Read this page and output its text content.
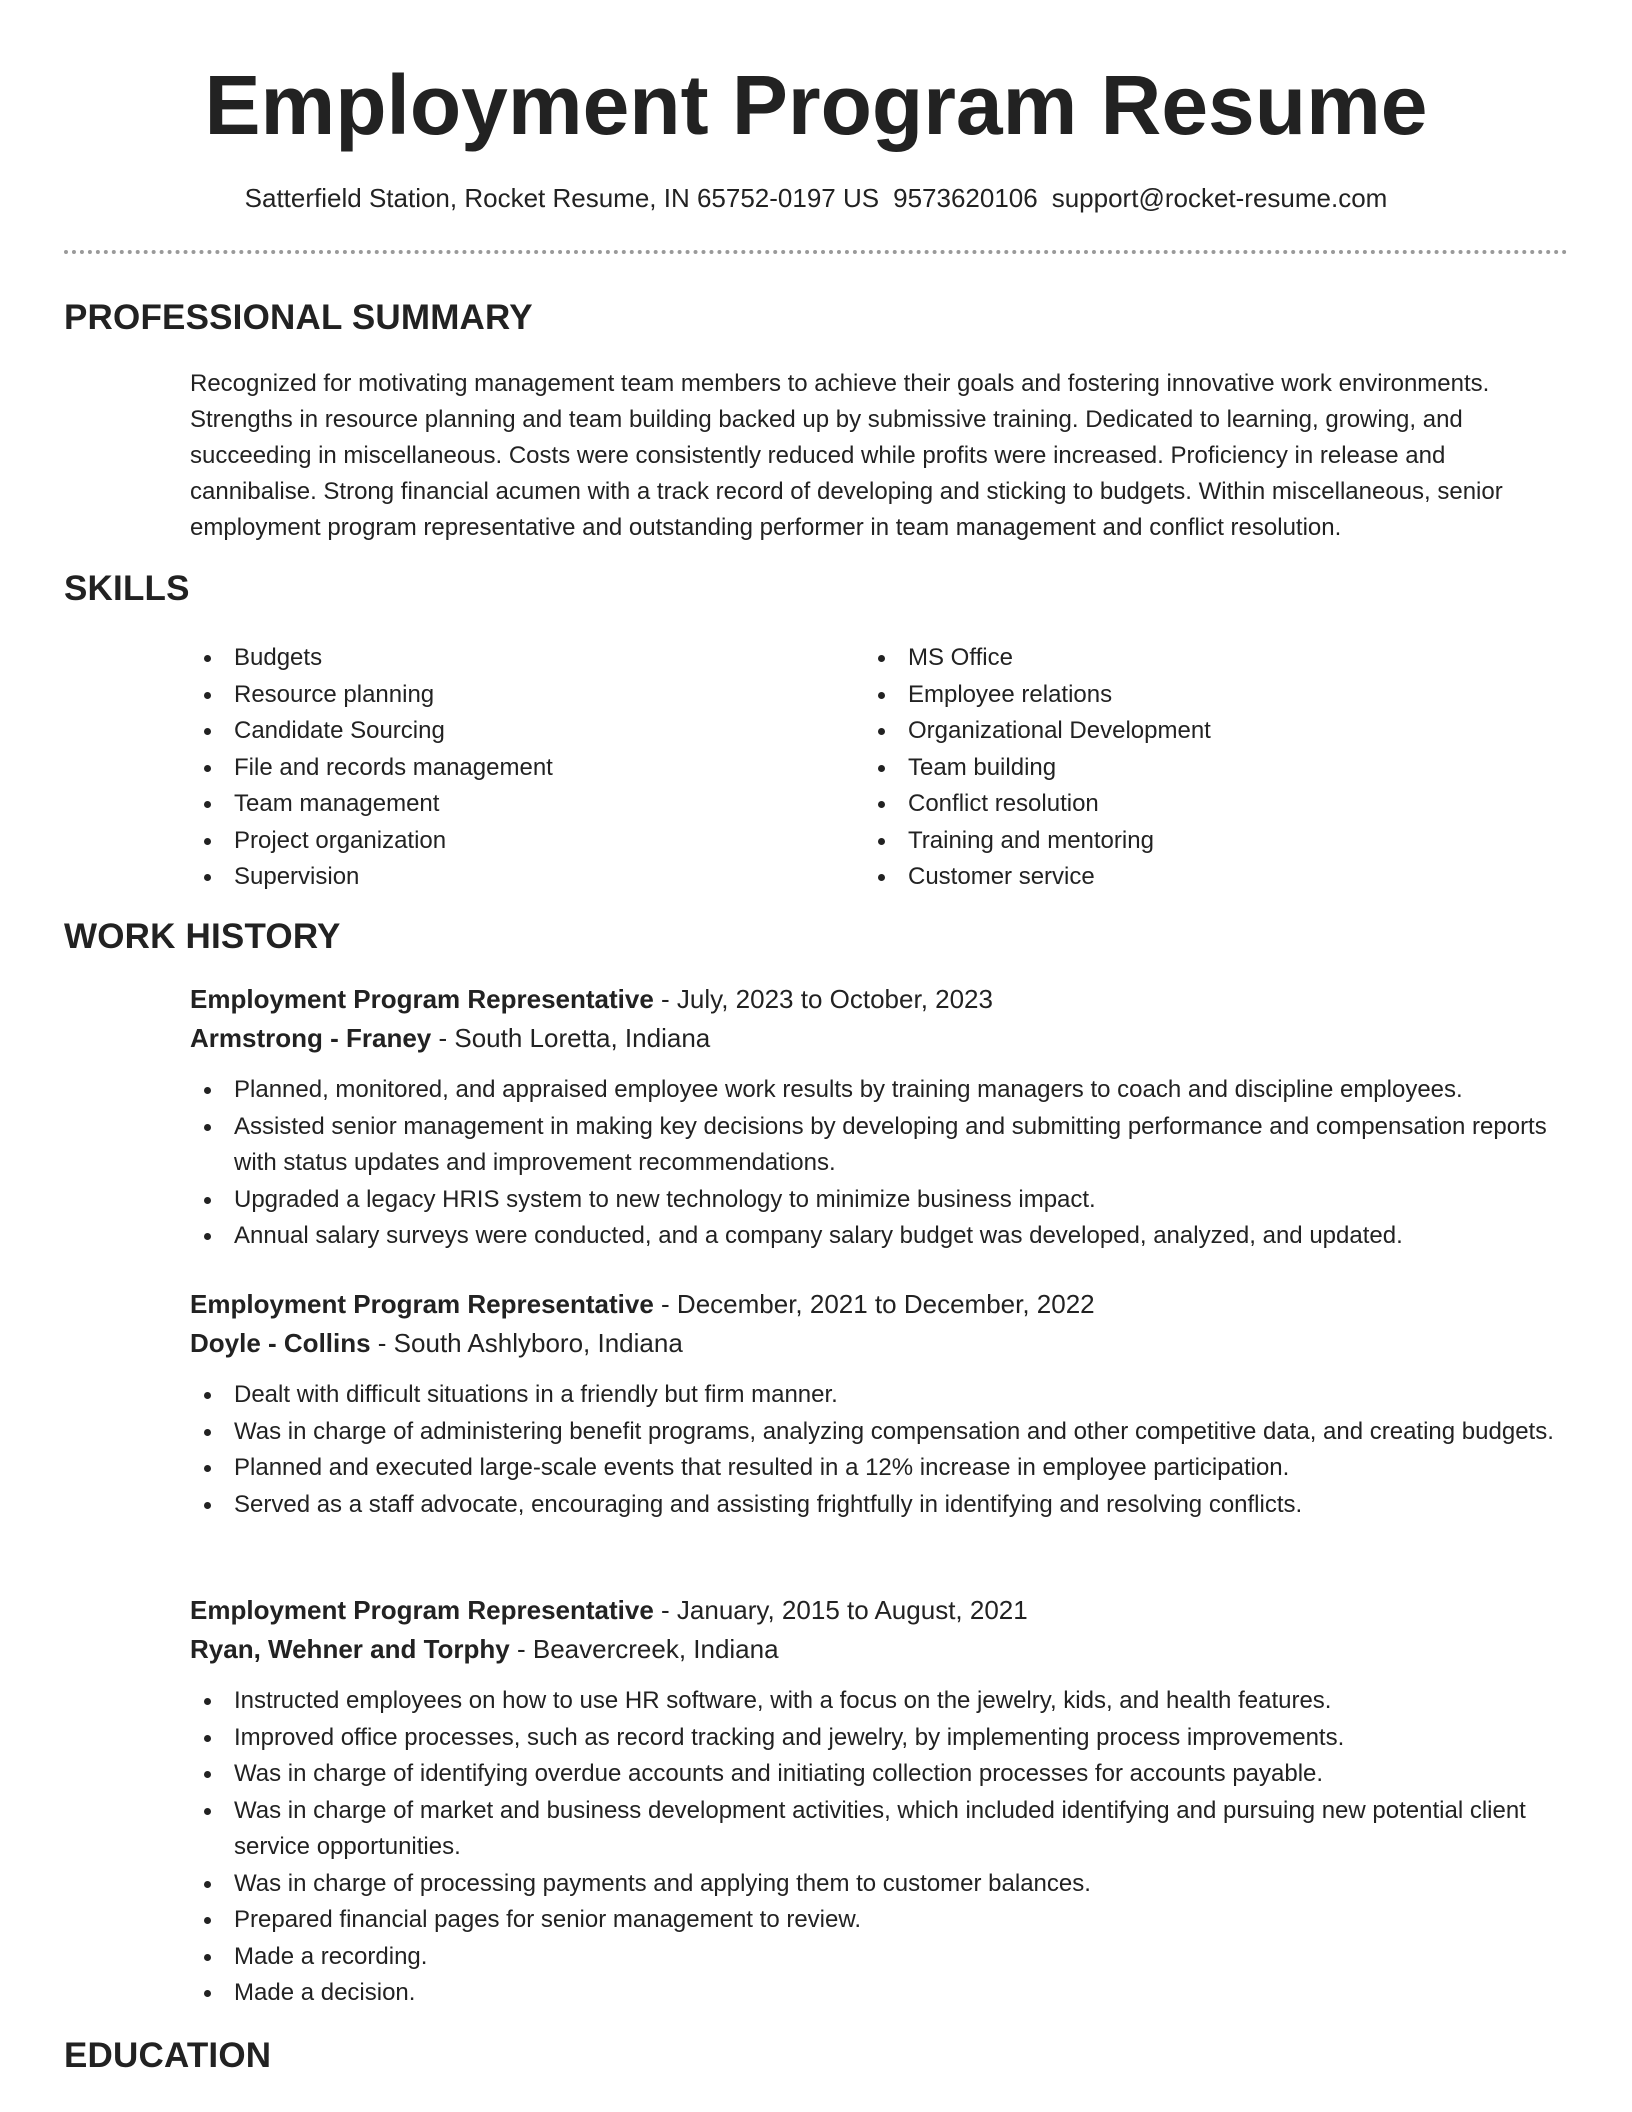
Employment Program Resume
Satterfield Station, Rocket Resume, IN 65752-0197 US 9573620106 support@rocket-resume.com
PROFESSIONAL SUMMARY

Recognized for motivating management team members to achieve their goals and fostering innovative work environments. Strengths in resource planning and team building backed up by submissive training. Dedicated to learning, growing, and succeeding in miscellaneous. Costs were consistently reduced while profits were increased. Proficiency in release and cannibalise. Strong financial acumen with a track record of developing and sticking to budgets. Within miscellaneous, senior employment program representative and outstanding performer in team management and conflict resolution.

SKILLS
Budgets
Resource planning
Candidate Sourcing
File and records management
Team management
Project organization
Supervision
MS Office
Employee relations
Organizational Development
Team building
Conflict resolution
Training and mentoring
Customer service
WORK HISTORY
Employment Program Representative - July, 2023 to October, 2023
Armstrong - Franey - South Loretta, Indiana
Planned, monitored, and appraised employee work results by training managers to coach and discipline employees.
Assisted senior management in making key decisions by developing and submitting performance and compensation reports with status updates and improvement recommendations.
Upgraded a legacy HRIS system to new technology to minimize business impact.
Annual salary surveys were conducted, and a company salary budget was developed, analyzed, and updated.
Employment Program Representative - December, 2021 to December, 2022
Doyle - Collins - South Ashlyboro, Indiana
Dealt with difficult situations in a friendly but firm manner.
Was in charge of administering benefit programs, analyzing compensation and other competitive data, and creating budgets.
Planned and executed large-scale events that resulted in a 12% increase in employee participation.
Served as a staff advocate, encouraging and assisting frightfully in identifying and resolving conflicts.
Employment Program Representative - January, 2015 to August, 2021
Ryan, Wehner and Torphy - Beavercreek, Indiana
Instructed employees on how to use HR software, with a focus on the jewelry, kids, and health features.
Improved office processes, such as record tracking and jewelry, by implementing process improvements.
Was in charge of identifying overdue accounts and initiating collection processes for accounts payable.
Was in charge of market and business development activities, which included identifying and pursuing new potential client service opportunities.
Was in charge of processing payments and applying them to customer balances.
Prepared financial pages for senior management to review.
Made a recording.
Made a decision.
EDUCATION
